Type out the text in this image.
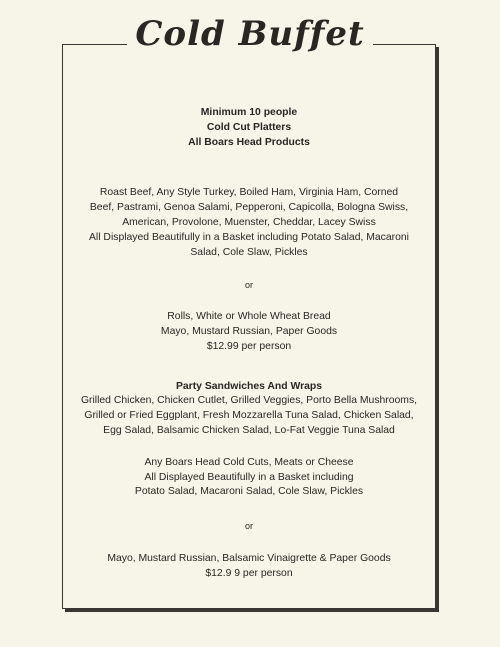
Cold Buffet
Minimum 10 people
Cold Cut Platters
All Boars Head Products
Roast Beef, Any Style Turkey, Boiled Ham, Virginia Ham, Corned
Beef, Pastrami, Genoa Salami, Pepperoni, Capicolla, Bologna Swiss,
American, Provolone, Muenster, Cheddar, Lacey Swiss
All Displayed Beautifully in a Basket including Potato Salad, Macaroni
Salad, Cole Slaw, Pickles
or
Rolls, White or Whole Wheat Bread
Mayo, Mustard Russian, Paper Goods
$12.99 per person
Party Sandwiches And Wraps
Grilled Chicken, Chicken Cutlet, Grilled Veggies, Porto Bella Mushrooms,
Grilled or Fried Eggplant, Fresh Mozzarella Tuna Salad, Chicken Salad,
Egg Salad, Balsamic Chicken Salad, Lo-Fat Veggie Tuna Salad
Any Boars Head Cold Cuts, Meats or Cheese
All Displayed Beautifully in a Basket including
Potato Salad, Macaroni Salad, Cole Slaw, Pickles
or
Mayo, Mustard Russian, Balsamic Vinaigrette & Paper Goods
$12.9 9 per person
